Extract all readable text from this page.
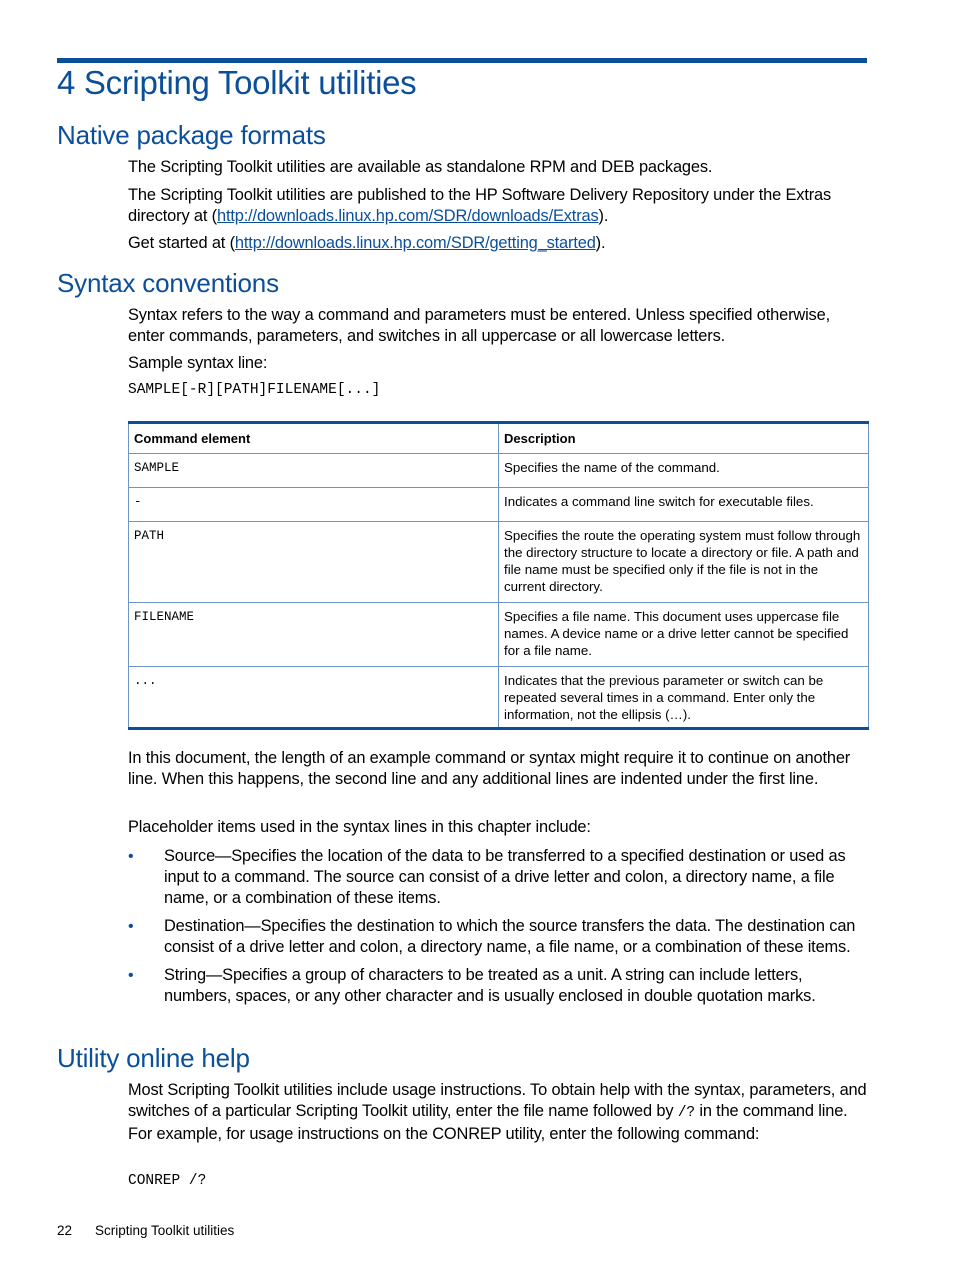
4 Scripting Toolkit utilities
Native package formats

The Scripting Toolkit utilities are available as standalone RPM and DEB packages.

The Scripting Toolkit utilities are published to the HP Software Delivery Repository under the Extras directory at (http://downloads.linux.hp.com/SDR/downloads/Extras).

Get started at (http://downloads.linux.hp.com/SDR/getting_started).

Syntax conventions

Syntax refers to the way a command and parameters must be entered. Unless specified otherwise, enter commands, parameters, and switches in all uppercase or all lowercase letters.

Sample syntax line:

SAMPLE[-R][PATH]FILENAME[...]
Command element	Description
SAMPLE	Specifies the name of the command.
-	Indicates a command line switch for executable files.
PATH	Specifies the route the operating system must follow through the directory structure to locate a directory or file. A path and file name must be specified only if the file is not in the current directory.
FILENAME	Specifies a file name. This document uses uppercase file names. A device name or a drive letter cannot be specified for a file name.
...	Indicates that the previous parameter or switch can be repeated several times in a command. Enter only the information, not the ellipsis (…).

In this document, the length of an example command or syntax might require it to continue on another line. When this happens, the second line and any additional lines are indented under the first line.

Placeholder items used in the syntax lines in this chapter include:

• Source—Specifies the location of the data to be transferred to a specified destination or used as input to a command. The source can consist of a drive letter and colon, a directory name, a file name, or a combination of these items.
• Destination—Specifies the destination to which the source transfers the data. The destination can consist of a drive letter and colon, a directory name, a file name, or a combination of these items.
• String—Specifies a group of characters to be treated as a unit. A string can include letters, numbers, spaces, or any other character and is usually enclosed in double quotation marks.
Utility online help

Most Scripting Toolkit utilities include usage instructions. To obtain help with the syntax, parameters, and switches of a particular Scripting Toolkit utility, enter the file name followed by /? in the command line. For example, for usage instructions on the CONREP utility, enter the following command:

CONREP /?
22 Scripting Toolkit utilities
